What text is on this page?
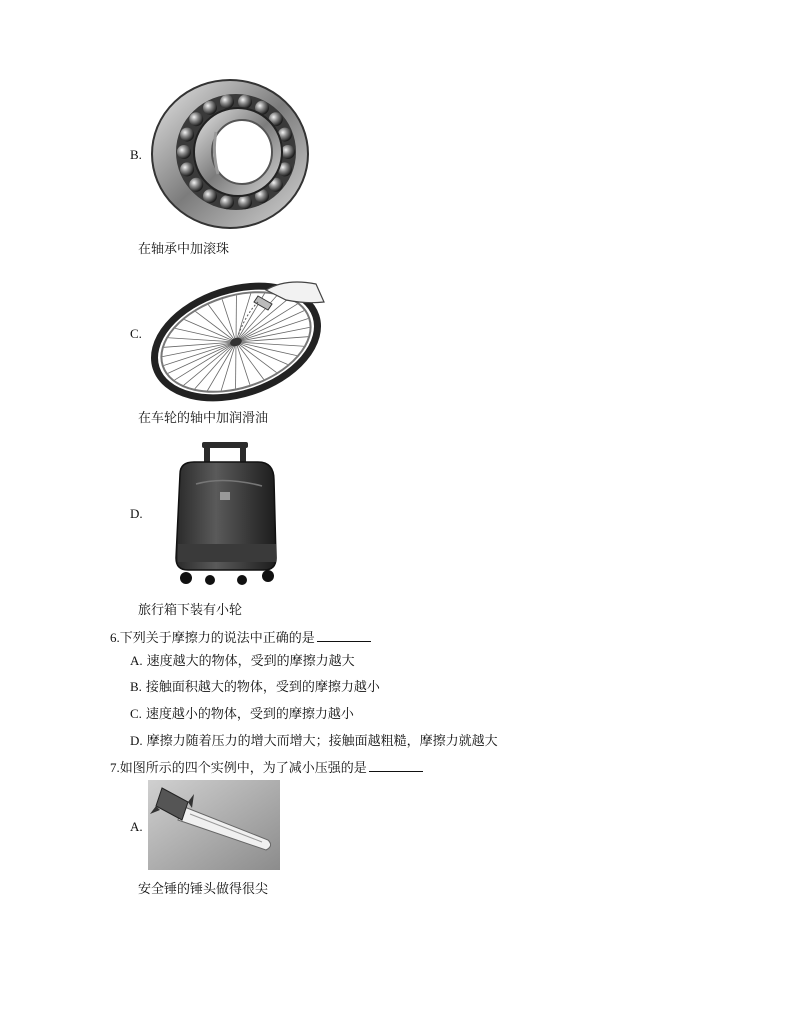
B.
在轴承中加滚珠
C.
在车轮的轴中加润滑油
D.
旅行箱下装有小轮
6.下列关于摩擦力的说法中正确的是
A. 速度越大的物体，受到的摩擦力越大
B. 接触面积越大的物体，受到的摩擦力越小
C. 速度越小的物体，受到的摩擦力越小
D. 摩擦力随着压力的增大而增大；接触面越粗糙，摩擦力就越大
7.如图所示的四个实例中，为了减小压强的是
A.
安全锤的锤头做得很尖
